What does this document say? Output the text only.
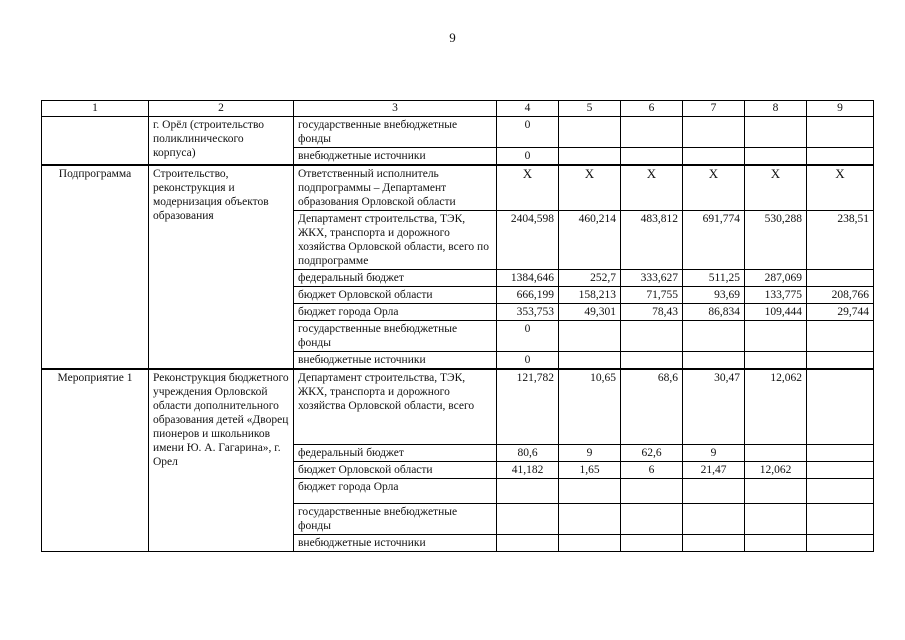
9
1	2	3	4	5	6	7	8	9
	г. Орёл (строительство поликлинического корпуса)	государственные внебюджетные фонды	0					
		внебюджетные источники	0					
Подпрограмма	Строительство, реконструкция и модернизация объектов образования	Ответственный исполнитель подпрограммы – Департамент образования Орловской области	X	X	X	X	X	X
		Департамент строительства, ТЭК, ЖКХ, транспорта и дорожного хозяйства Орловской области, всего по подпрограмме	2404,598	460,214	483,812	691,774	530,288	238,51
		федеральный бюджет	1384,646	252,7	333,627	511,25	287,069	
		бюджет Орловской области	666,199	158,213	71,755	93,69	133,775	208,766
		бюджет города Орла	353,753	49,301	78,43	86,834	109,444	29,744
		государственные внебюджетные фонды	0					
		внебюджетные источники	0					
Мероприятие 1	Реконструкция бюджетного учреждения Орловской области дополнительного образования детей «Дворец пионеров и школьников имени Ю. А. Гагарина», г. Орел	Департамент строительства, ТЭК, ЖКХ, транспорта и дорожного хозяйства Орловской области, всего	121,782	10,65	68,6	30,47	12,062	
		федеральный бюджет	80,6	9	62,6	9		
		бюджет Орловской области	41,182	1,65	6	21,47	12,062	
		бюджет города Орла						
		государственные внебюджетные фонды						
		внебюджетные источники						
